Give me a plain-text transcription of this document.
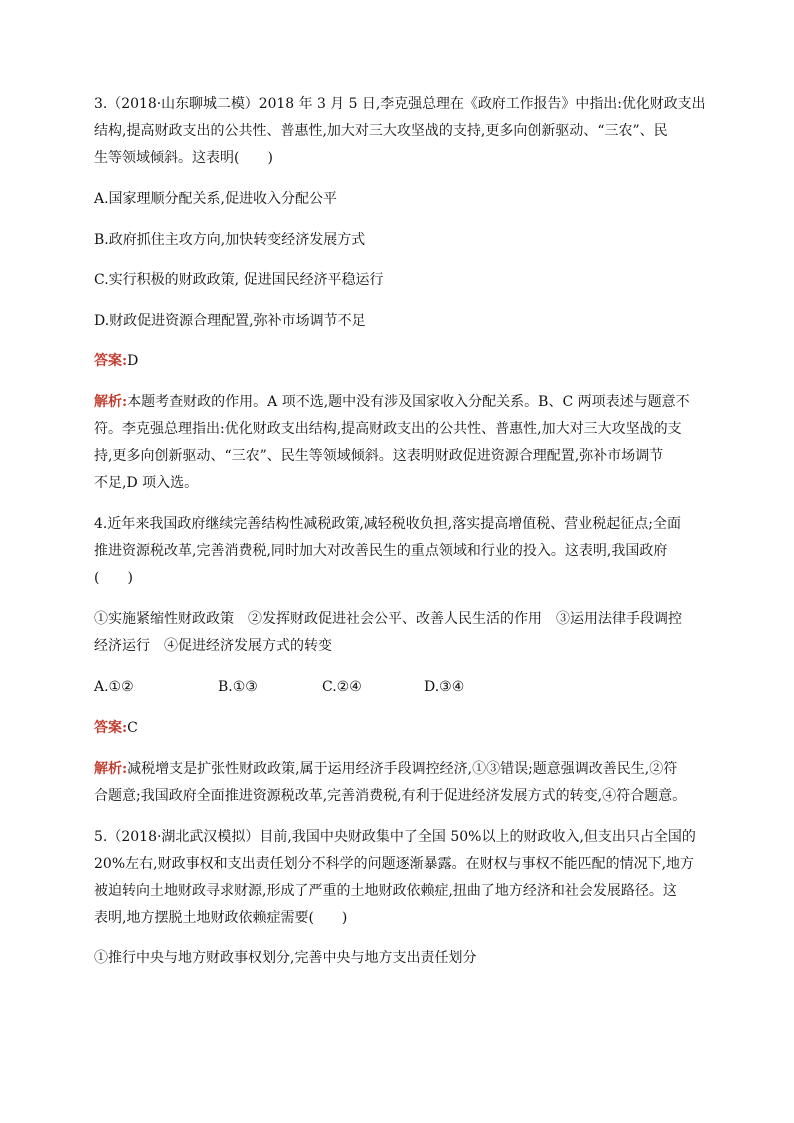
3.（2018·山东聊城二模）2018 年 3 月 5 日,李克强总理在《政府工作报告》中指出:优化财政支出
结构,提高财政支出的公共性、普惠性,加大对三大攻坚战的支持,更多向创新驱动、“三农”、民
生等领域倾斜。这表明(　　)
A.国家理顺分配关系,促进收入分配公平
B.政府抓住主攻方向,加快转变经济发展方式
C.实行积极的财政政策, 促进国民经济平稳运行
D.财政促进资源合理配置,弥补市场调节不足
答案:D
解析:本题考查财政的作用。A 项不选,题中没有涉及国家收入分配关系。B、C 两项表述与题意不
符。李克强总理指出:优化财政支出结构,提高财政支出的公共性、普惠性,加大对三大攻坚战的支
持,更多向创新驱动、“三农”、民生等领域倾斜。这表明财政促进资源合理配置,弥补市场调节
不足,D 项入选。
4.近年来我国政府继续完善结构性减税政策,减轻税收负担,落实提高增值税、营业税起征点;全面
推进资源税改革,完善消费税,同时加大对改善民生的重点领域和行业的投入。这表明,我国政府
(　　)
①实施紧缩性财政政策　②发挥财政促进社会公平、改善人民生活的作用　③运用法律手段调控
经济运行　④促进经济发展方式的转变
A.①②	B.①③	C.②④	D.③④
答案:C
解析:减税增支是扩张性财政政策,属于运用经济手段调控经济,①③错误;题意强调改善民生,②符
合题意;我国政府全面推进资源税改革,完善消费税,有利于促进经济发展方式的转变,④符合题意。
5.（2018·湖北武汉模拟）目前,我国中央财政集中了全国 50%以上的财政收入,但支出只占全国的
20%左右,财政事权和支出责任划分不科学的问题逐渐暴露。在财权与事权不能匹配的情况下,地方
被迫转向土地财政寻求财源,形成了严重的土地财政依赖症,扭曲了地方经济和社会发展路径。这
表明,地方摆脱土地财政依赖症需要(　　)
①推行中央与地方财政事权划分,完善中央与地方支出责任划分
